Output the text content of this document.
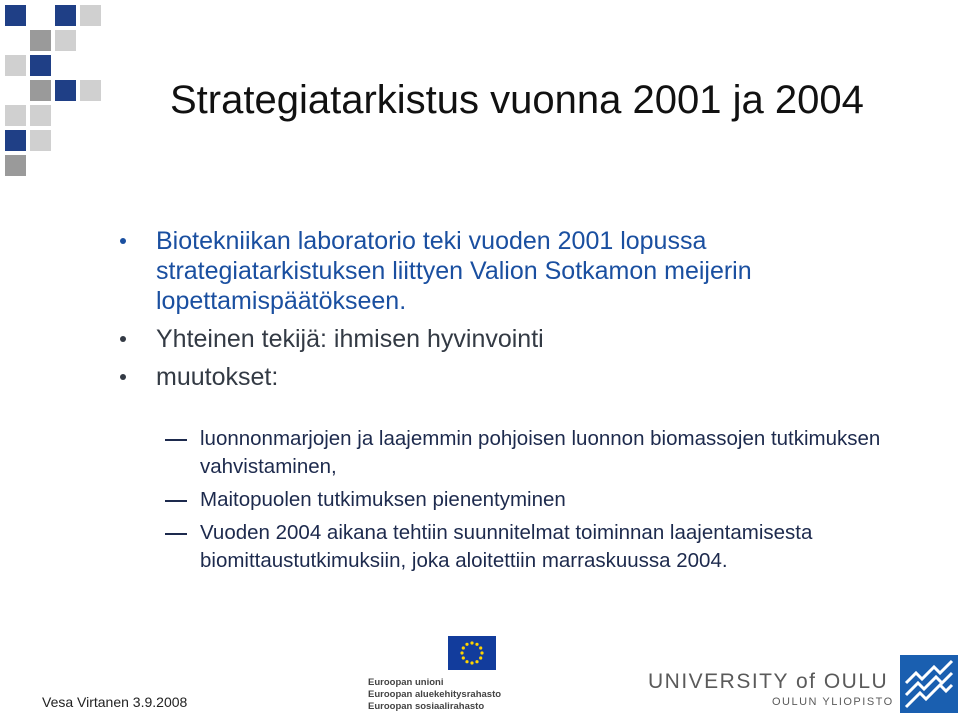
Strategiatarkistus vuonna 2001 ja 2004
Biotekniikan laboratorio teki vuoden 2001 lopussa strategiatarkistuksen liittyen Valion Sotkamon meijerin lopettamispäätökseen.
Yhteinen tekijä: ihmisen hyvinvointi
muutokset:
luonnonmarjojen ja laajemmin pohjoisen luonnon biomassojen tutkimuksen vahvistaminen,
Maitopuolen tutkimuksen pienentyminen
Vuoden 2004 aikana tehtiin suunnitelmat toiminnan laajentamisesta biomittaustutkimuksiin, joka aloitettiin marraskuussa 2004.
Vesa Virtanen 3.9.2008
Euroopan unioni
Euroopan aluekehitysrahasto
Euroopan sosiaalirahasto
UNIVERSITY of OULU
OULUN YLIOPISTO
